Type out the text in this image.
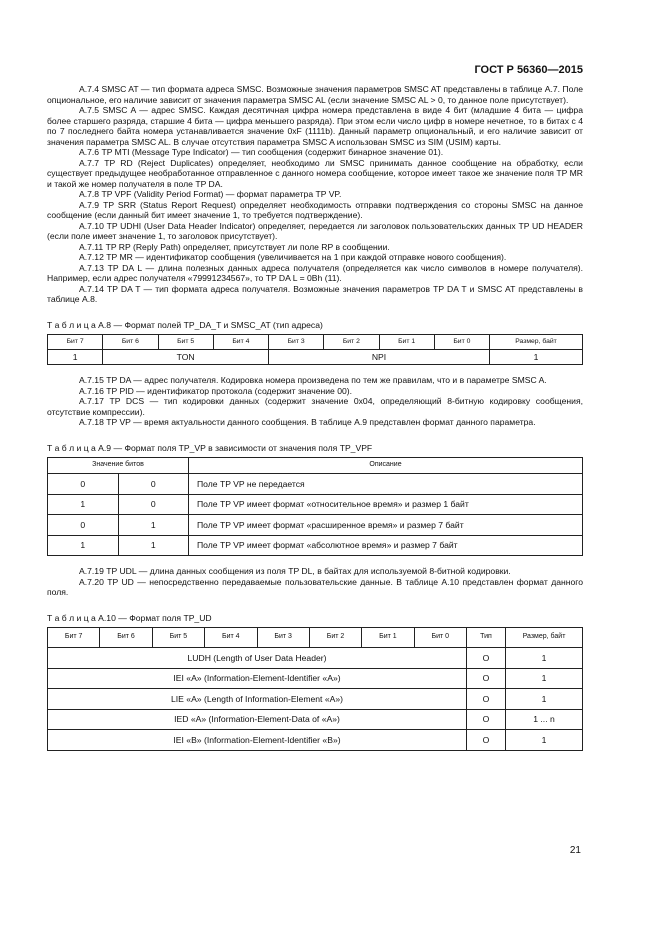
ГОСТ Р 56360—2015

А.7.4 SMSC AT — тип формата адреса SMSC. Возможные значения параметров SMSC AT представлены в таблице А.7. Поле опциональное, его наличие зависит от значения параметра SMSC AL (если значение SMSC AL > 0, то данное поле присутствует).

А.7.5 SMSC A — адрес SMSC. Каждая десятичная цифра номера представлена в виде 4 бит (младшие 4 бита — цифра более старшего разряда, старшие 4 бита — цифра меньшего разряда). При этом если число цифр в номере нечетное, то в битах с 4 по 7 последнего байта номера устанавливается значение 0xF (1111b). Данный параметр опциональный, и его наличие зависит от значения параметра SMSC AL. В случае отсутствия параметра SMSC A использован SMSC из SIM (USIM) карты.

А.7.6 TP MTI (Message Type Indicator) — тип сообщения (содержит бинарное значение 01).

А.7.7 TP RD (Reject Duplicates) определяет, необходимо ли SMSC принимать данное сообщение на обработку, если существует предыдущее необработанное отправленное с данного номера сообщение, которое имеет такое же значение поля TP MR и такой же номер получателя в поле TP DA.

А.7.8 TP VPF (Validity Period Format) — формат параметра TP VP.

А.7.9 TP SRR (Status Report Request) определяет необходимость отправки подтверждения со стороны SMSC на данное сообщение (если данный бит имеет значение 1, то требуется подтверждение).

А.7.10 TP UDHI (User Data Header Indicator) определяет, передается ли заголовок пользовательских данных TP UD HEADER (если поле имеет значение 1, то заголовок присутствует).

А.7.11 TP RP (Reply Path) определяет, присутствует ли поле RP в сообщении.

А.7.12 TP MR — идентификатор сообщения (увеличивается на 1 при каждой отправке нового сообщения).

А.7.13 TP DA L — длина полезных данных адреса получателя (определяется как число символов в номере получателя). Например, если адрес получателя «79991234567», то TP DA L = 0Bh (11).

А.7.14 TP DA T — тип формата адреса получателя. Возможные значения параметров TP DA T и SMSC AT представлены в таблице А.8.

Т а б л и ц а А.8 — Формат полей TP_DA_T и SMSC_AT (тип адреса)
Бит 7	Бит 6	Бит 5	Бит 4	Бит 3	Бит 2	Бит 1	Бит 0	Размер, байт
1	TON			NPI				1

А.7.15 TP DA — адрес получателя. Кодировка номера произведена по тем же правилам, что и в параметре SMSC A.

А.7.16 TP PID — идентификатор протокола (содержит значение 00).

А.7.17 TP DCS — тип кодировки данных (содержит значение 0x04, определяющий 8-битную кодировку сообщения, отсутствие компрессии).

А.7.18 TP VP — время актуальности данного сообщения. В таблице А.9 представлен формат данного параметра.

Т а б л и ц а А.9 — Формат поля TP_VP в зависимости от значения поля TP_VPF
Значение битов		Описание
0	0	Поле TP VP не передается
1	0	Поле TP VP имеет формат «относительное время» и размер 1 байт
0	1	Поле TP VP имеет формат «расширенное время» и размер 7 байт
1	1	Поле TP VP имеет формат «абсолютное время» и размер 7 байт

А.7.19 TP UDL — длина данных сообщения из поля TP DL, в байтах для используемой 8-битной кодировки.

А.7.20 TP UD — непосредственно передаваемые пользовательские данные. В таблице А.10 представлен формат данного поля.

Т а б л и ц а А.10 — Формат поля TP_UD
Бит 7	Бит 6	Бит 5	Бит 4	Бит 3	Бит 2	Бит 1	Бит 0	Тип	Размер, байт
LUDH (Length of User Data Header)								O	1
IEI «A» (Information-Element-Identifier «A»)								O	1
LIE «A» (Length of Information-Element «A»)								O	1
IED «A» (Information-Element-Data of «A»)								O	1 ... n
IEI «B» (Information-Element-Identifier «B»)								O	1
21
